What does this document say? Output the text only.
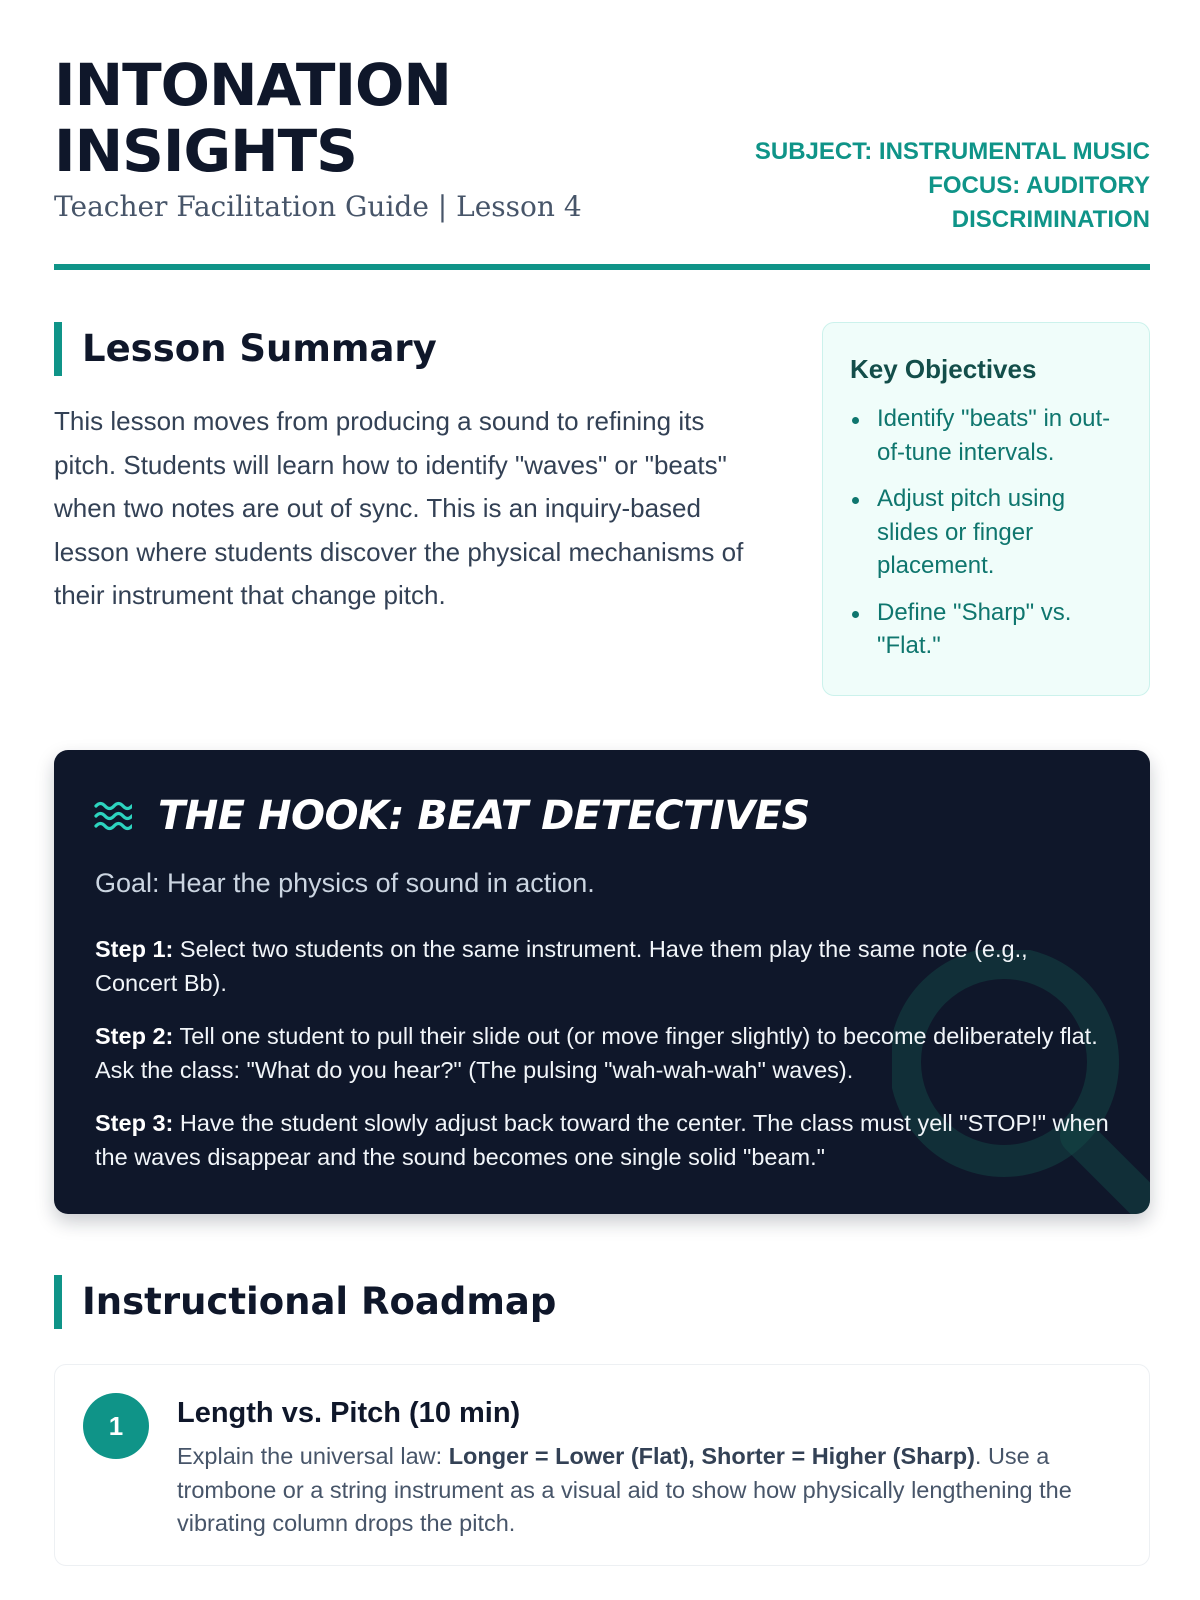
INTONATION
INSIGHTS
Teacher Facilitation Guide | Lesson 4
SUBJECT: INSTRUMENTAL MUSIC
FOCUS: AUDITORY
DISCRIMINATION
Lesson Summary

This lesson moves from producing a sound to refining its pitch. Students will learn how to identify "waves" or "beats" when two notes are out of sync. This is an inquiry-based lesson where students discover the physical mechanisms of their instrument that change pitch.

Key Objectives
Identify "beats" in out-of-tune intervals.
Adjust pitch using slides or finger placement.
Define "Sharp" vs. "Flat."
THE HOOK: BEAT DETECTIVES
Goal: Hear the physics of sound in action.

Step 1: Select two students on the same instrument. Have them play the same note (e.g., Concert Bb).

Step 2: Tell one student to pull their slide out (or move finger slightly) to become deliberately flat. Ask the class: "What do you hear?" (The pulsing "wah-wah-wah" waves).

Step 3: Have the student slowly adjust back toward the center. The class must yell "STOP!" when the waves disappear and the sound becomes one single solid "beam."

Instructional Roadmap
1	Length vs. Pitch (10 min)

Explain the universal law: Longer = Lower (Flat), Shorter = Higher (Sharp). Use a trombone or a string instrument as a visual aid to show how physically lengthening the vibrating column drops the pitch.
